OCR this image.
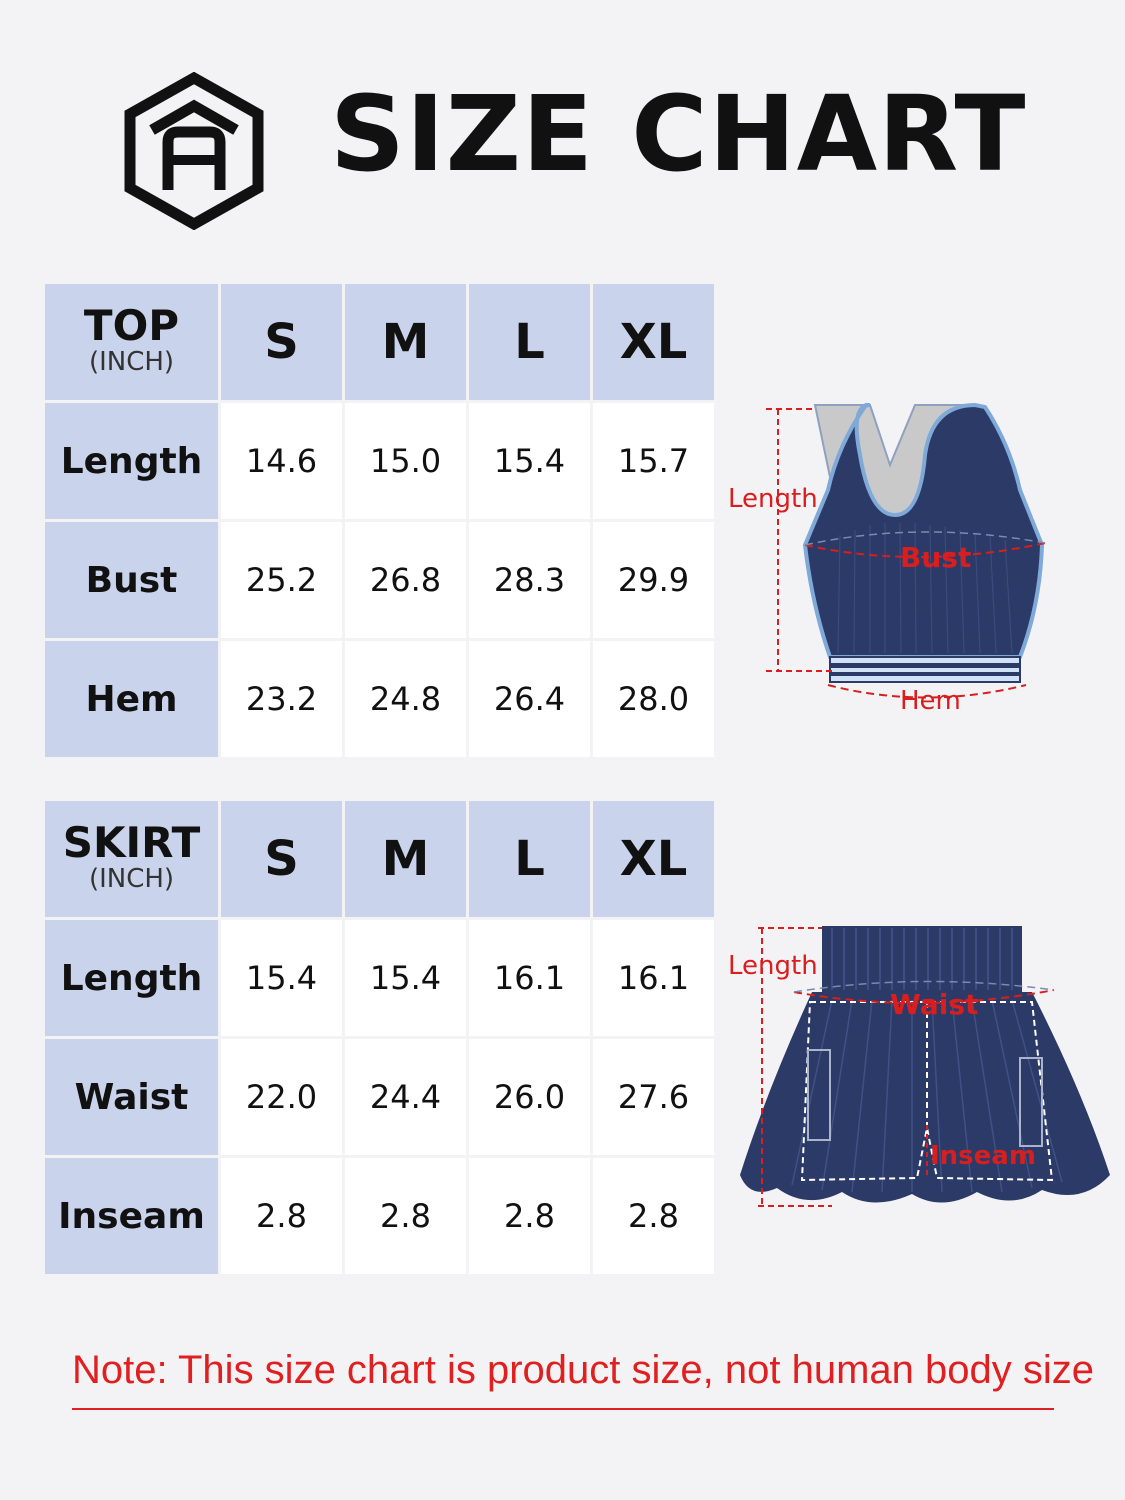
SIZE CHART
TOP
(INCH)	S	M	L	XL
Length	14.6	15.0	15.4	15.7
Bust	25.2	26.8	28.3	29.9
Hem	23.2	24.8	26.4	28.0
SKIRT
(INCH)	S	M	L	XL
Length	15.4	15.4	16.1	16.1
Waist	22.0	24.4	26.0	27.6
Inseam	2.8	2.8	2.8	2.8
Length
Bust
Hem
Length
Waist
Inseam
Note: This size chart is product size, not human body size
